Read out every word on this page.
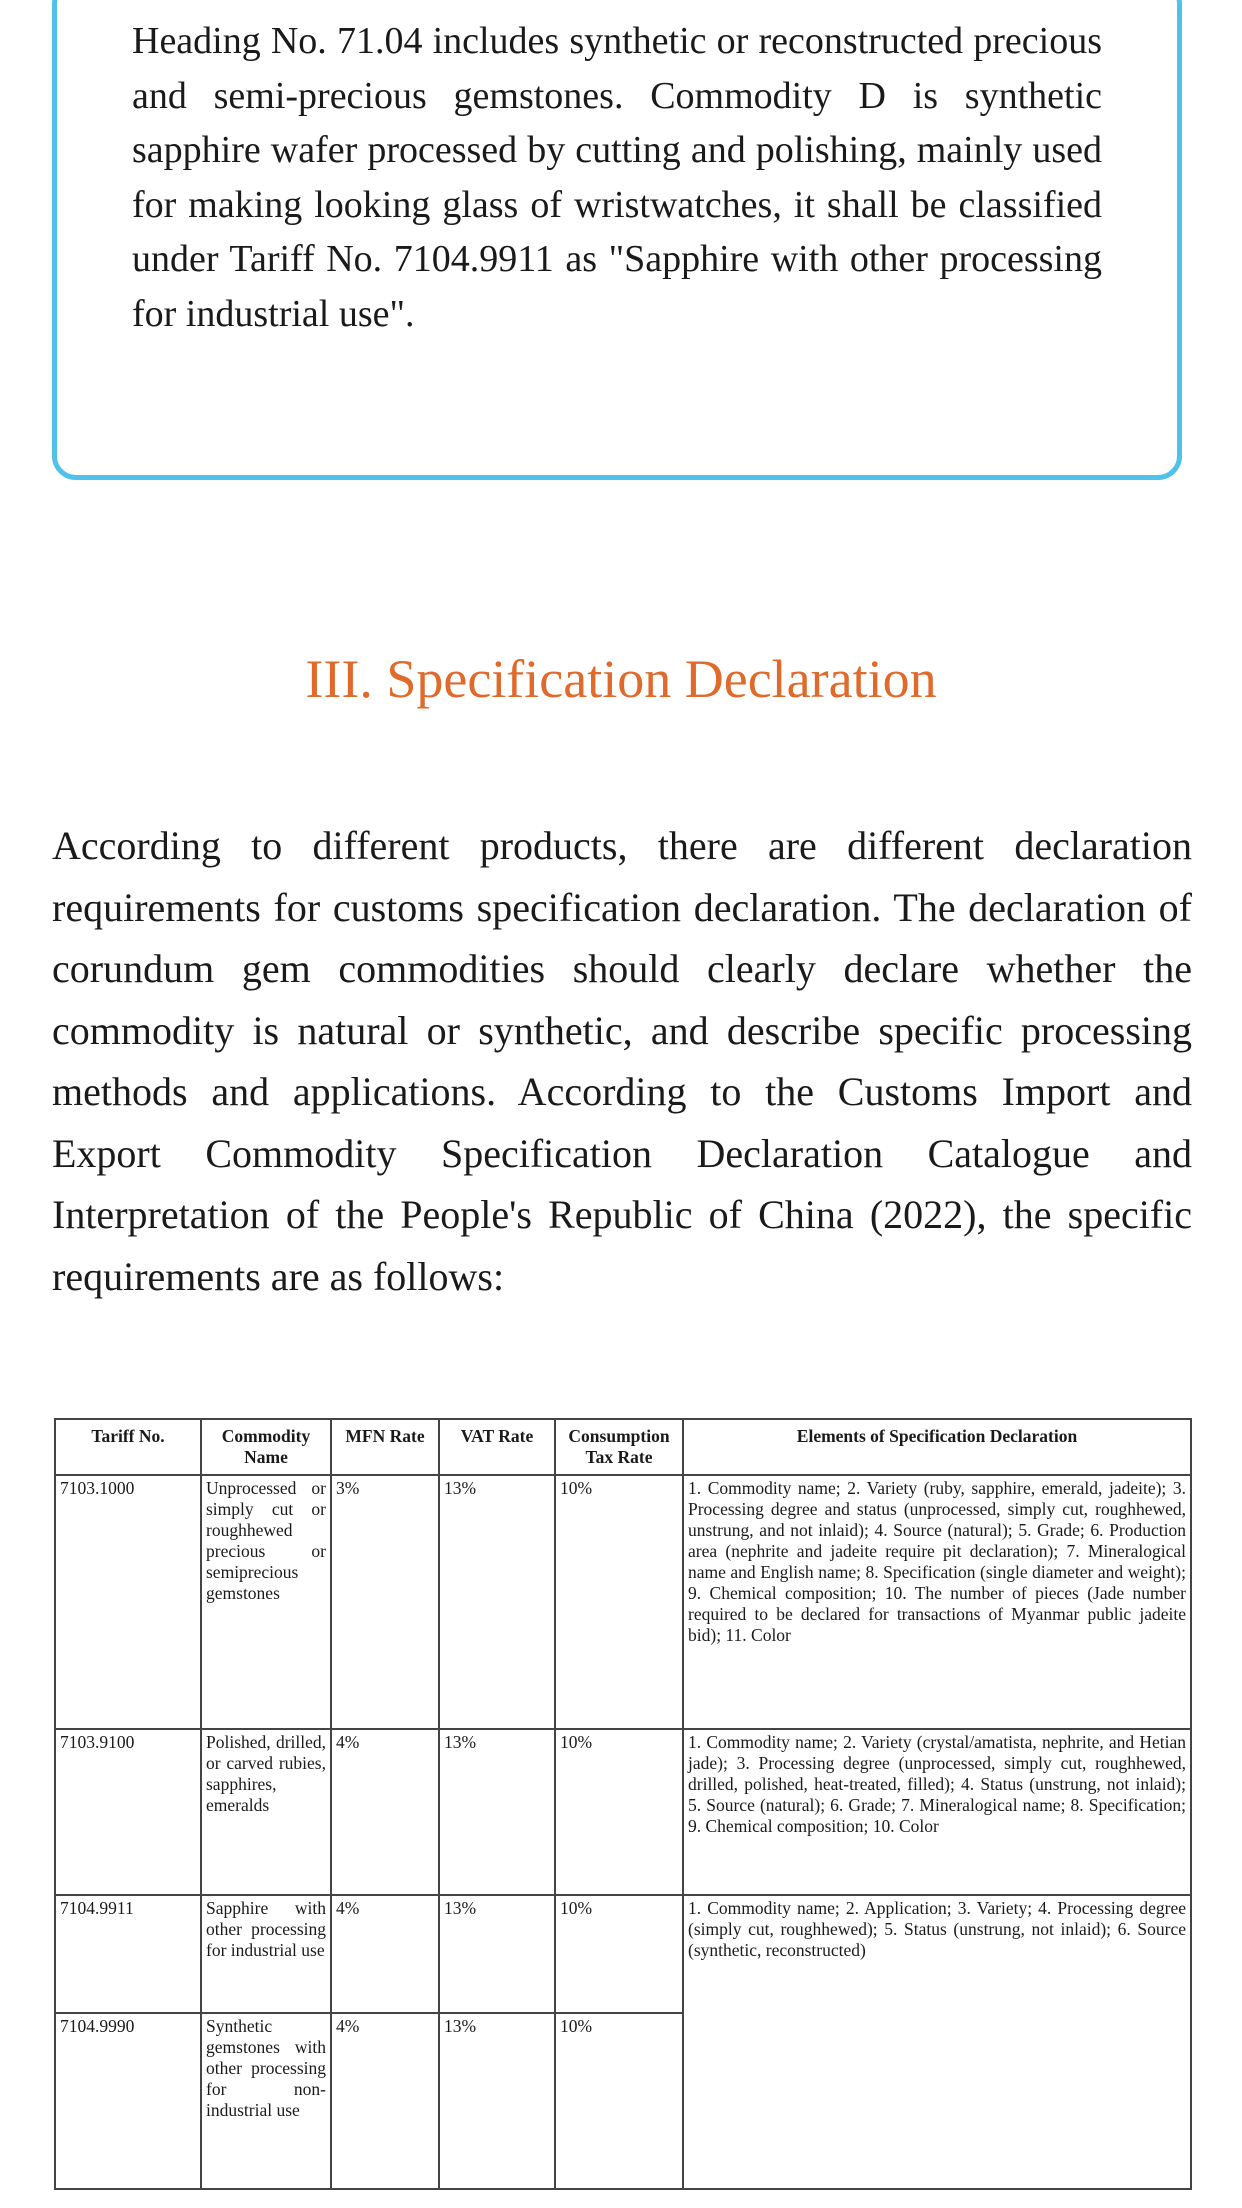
Heading No. 71.04 includes synthetic or reconstructed precious and semi-precious gemstones. Commodity D is synthetic sapphire wafer processed by cutting and polishing, mainly used for making looking glass of wristwatches, it shall be classified under Tariff No. 7104.9911 as "Sapphire with other processing for industrial use".

III. Specification Declaration

According to different products, there are different declaration requirements for customs specification declaration. The declaration of corundum gem commodities should clearly declare whether the commodity is natural or synthetic, and describe specific processing methods and applications. According to the Customs Import and Export Commodity Specification Declaration Catalogue and Interpretation of the People's Republic of China (2022), the specific requirements are as follows:

Tariff No.	Commodity Name	MFN Rate	VAT Rate	Consumption Tax Rate	Elements of Specification Declaration
7103.1000	Unprocessed or simply cut or roughhewed precious or semiprecious gemstones	3%	13%	10%	1. Commodity name; 2. Variety (ruby, sapphire, emerald, jadeite); 3. Processing degree and status (unprocessed, simply cut, roughhewed, unstrung, and not inlaid); 4. Source (natural); 5. Grade; 6. Production area (nephrite and jadeite require pit declaration); 7. Mineralogical name and English name; 8. Specification (single diameter and weight); 9. Chemical composition; 10. The number of pieces (Jade number required to be declared for transactions of Myanmar public jadeite bid); 11. Color
7103.9100	Polished, drilled, or carved rubies, sapphires, emeralds	4%	13%	10%	1. Commodity name; 2. Variety (crystal/amatista, nephrite, and Hetian jade); 3. Processing degree (unprocessed, simply cut, roughhewed, drilled, polished, heat-treated, filled); 4. Status (unstrung, not inlaid); 5. Source (natural); 6. Grade; 7. Mineralogical name; 8. Specification; 9. Chemical composition; 10. Color
7104.9911	Sapphire with other processing for industrial use	4%	13%	10%	1. Commodity name; 2. Application; 3. Variety; 4. Processing degree (simply cut, roughhewed); 5. Status (unstrung, not inlaid); 6. Source (synthetic, reconstructed)
7104.9990	Synthetic gemstones with other processing for non-industrial use	4%	13%	10%	
